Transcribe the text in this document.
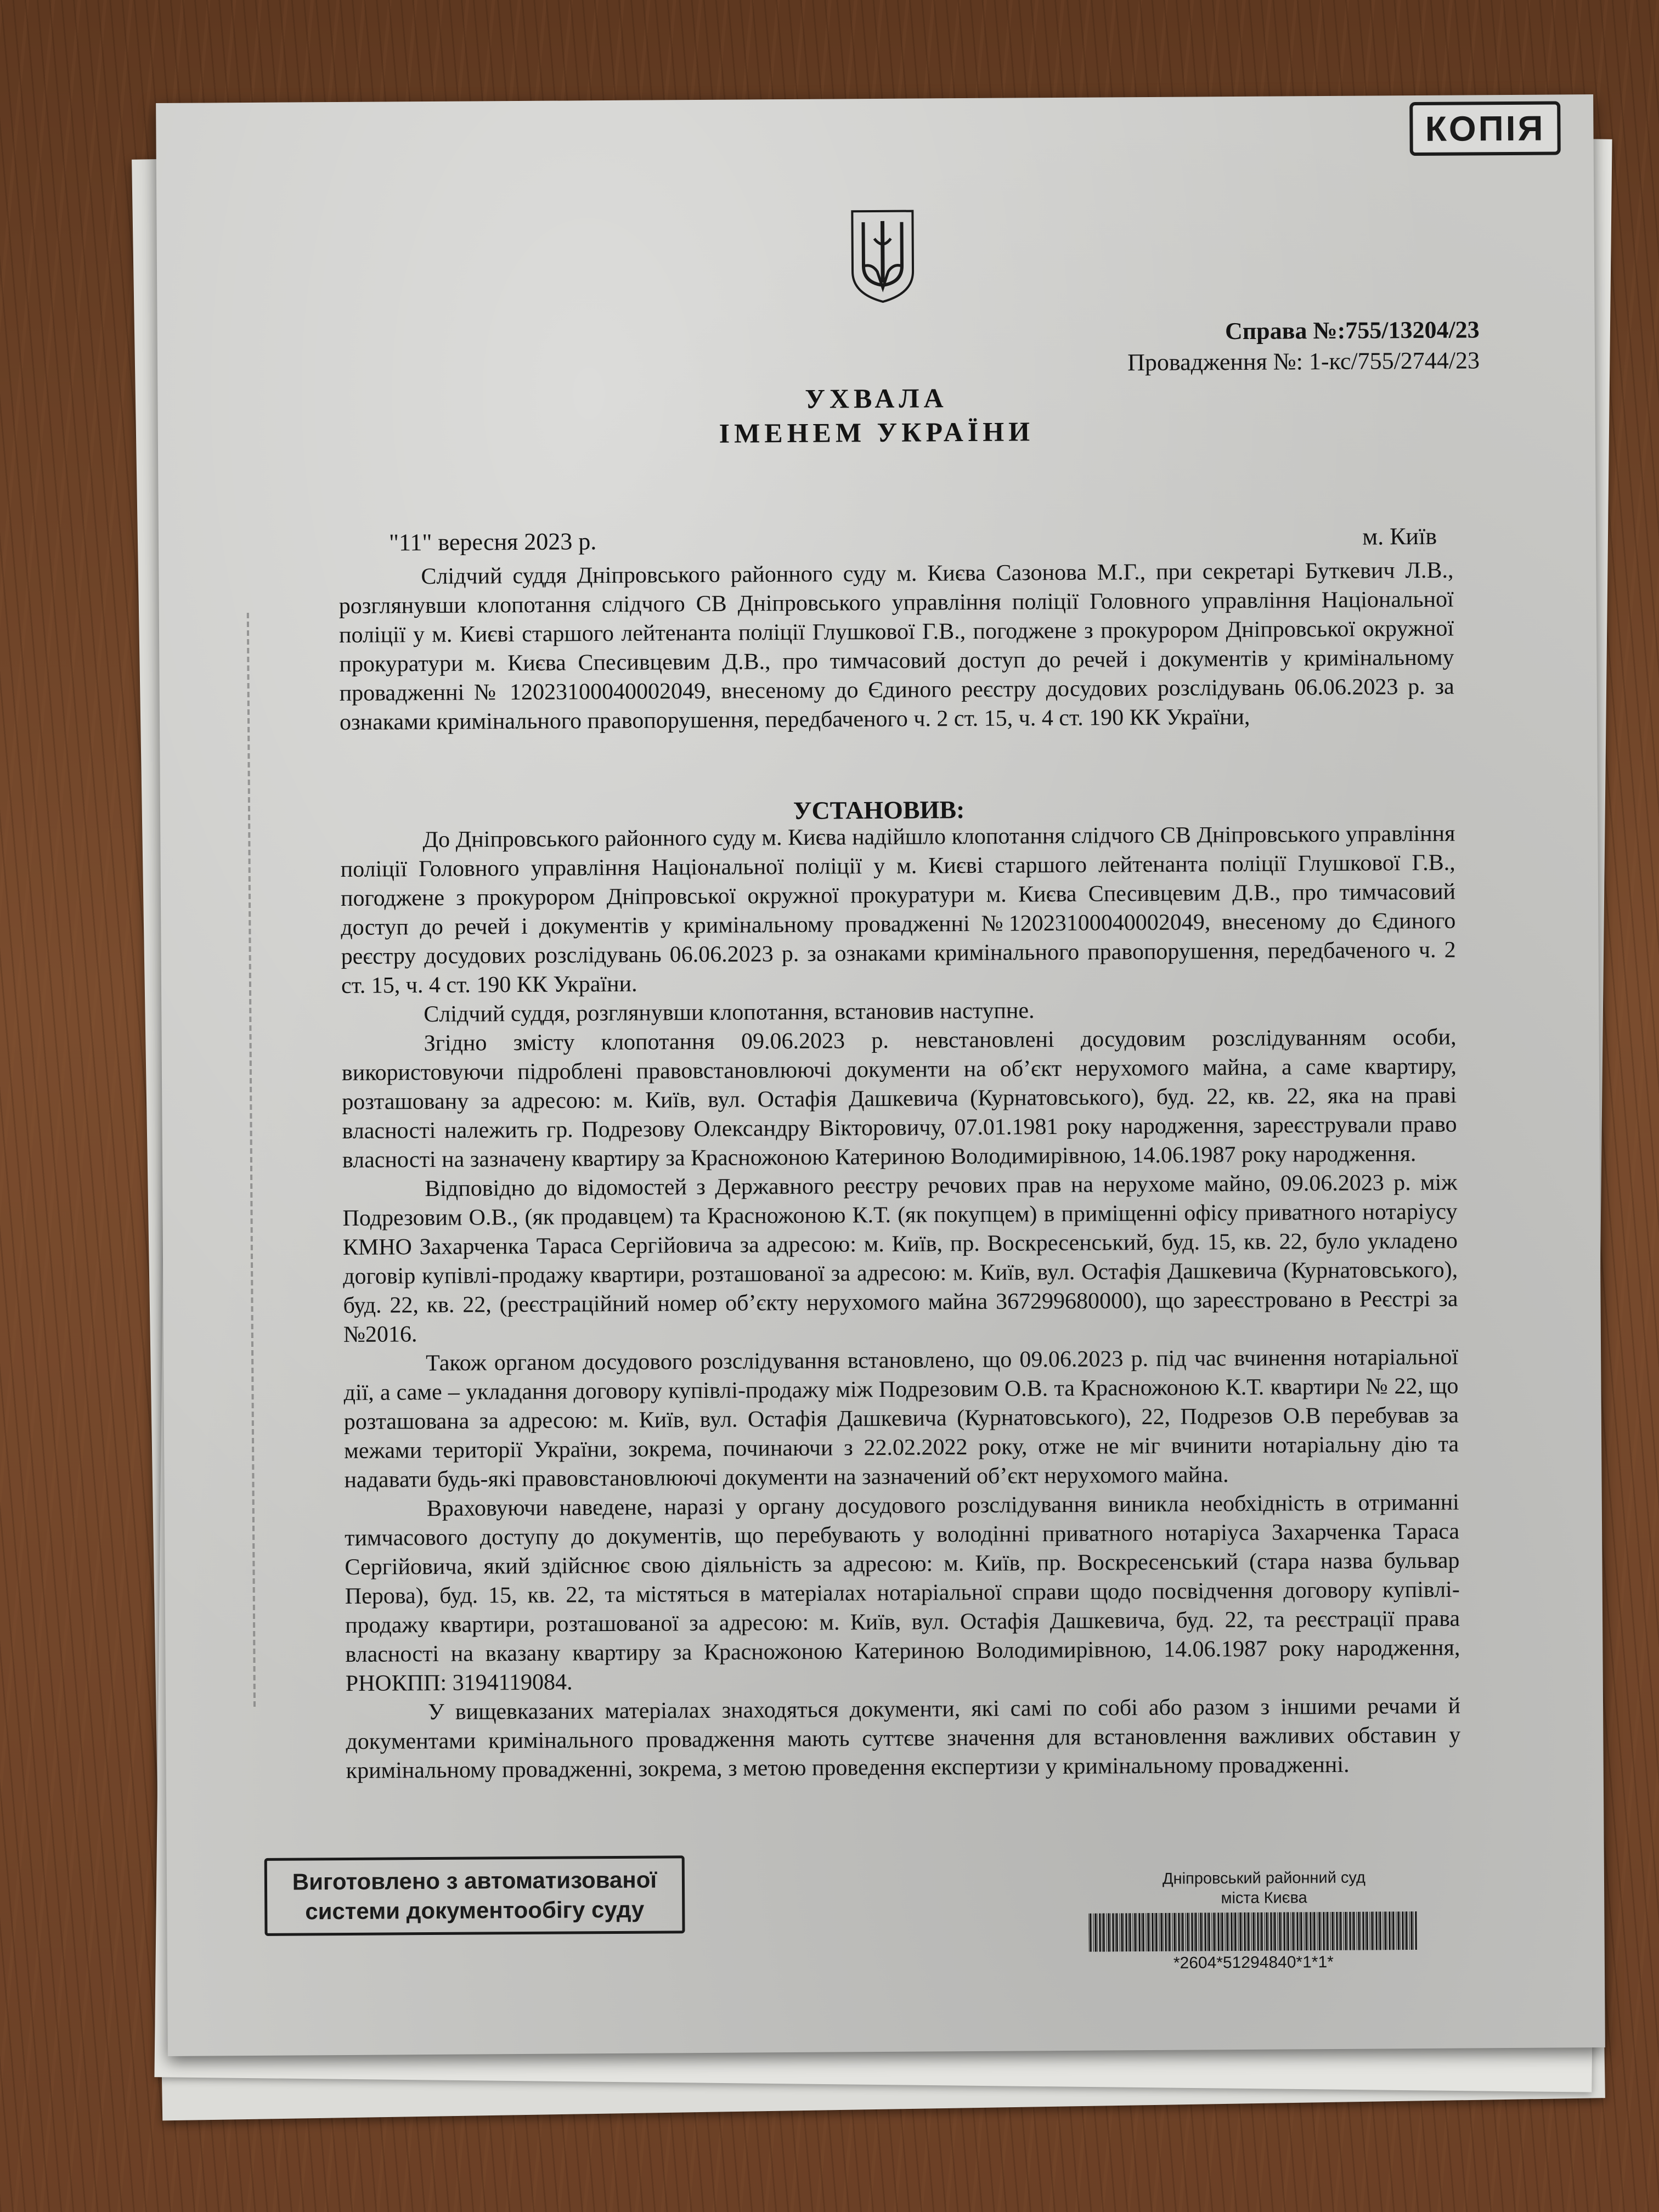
КОПІЯ
Справа №:755/13204/23
Провадження №: 1-кс/755/2744/23
УХВАЛА
ІМЕНЕМ УКРАЇНИ
"11" вересня 2023 р.	м. Київ

Слідчий суддя Дніпровського районного суду м. Києва Сазонова М.Г., при секретарі Буткевич Л.В., розглянувши клопотання слідчого СВ Дніпровського управління поліції Головного управління Національної поліції у м. Києві старшого лейтенанта поліції Глушкової Г.В., погоджене з прокурором Дніпровської окружної прокуратури м. Києва Спесивцевим Д.В., про тимчасовий доступ до речей і документів у кримінальному провадженні № 12023100040002049, внесеному до Єдиного реєстру досудових розслідувань 06.06.2023 р. за ознаками кримінального правопорушення, передбаченого ч. 2 ст. 15, ч. 4 ст. 190 КК України,

УСТАНОВИВ:

До Дніпровського районного суду м. Києва надійшло клопотання слідчого СВ Дніпровського управління поліції Головного управління Національної поліції у м. Києві старшого лейтенанта поліції Глушкової Г.В., погоджене з прокурором Дніпровської окружної прокуратури м. Києва Спесивцевим Д.В., про тимчасовий доступ до речей і документів у кримінальному провадженні №12023100040002049, внесеному до Єдиного реєстру досудових розслідувань 06.06.2023 р. за ознаками кримінального правопорушення, передбаченого ч. 2 ст. 15, ч. 4 ст. 190 КК України.

Слідчий суддя, розглянувши клопотання, встановив наступне.

Згідно змісту клопотання 09.06.2023 р. невстановлені досудовим розслідуванням особи, використовуючи підроблені правовстановлюючі документи на об’єкт нерухомого майна, а саме квартиру, розташовану за адресою: м. Київ, вул. Остафія Дашкевича (Курнатовського), буд. 22, кв. 22, яка на праві власності належить гр. Подрезову Олександру Вікторовичу, 07.01.1981 року народження, зареєстрували право власності на зазначену квартиру за Красножоною Катериною Володимирівною, 14.06.1987 року народження.

Відповідно до відомостей з Державного реєстру речових прав на нерухоме майно, 09.06.2023 р. між Подрезовим О.В., (як продавцем) та Красножоною К.Т. (як покупцем) в приміщенні офісу приватного нотаріусу КМНО Захарченка Тараса Сергійовича за адресою: м. Київ, пр. Воскресенський, буд. 15, кв. 22, було укладено договір купівлі-продажу квартири, розташованої за адресою: м. Київ, вул. Остафія Дашкевича (Курнатовського), буд. 22, кв. 22, (реєстраційний номер об’єкту нерухомого майна 367299680000), що зареєстровано в Реєстрі за №2016.

Також органом досудового розслідування встановлено, що 09.06.2023 р. під час вчинення нотаріальної дії, а саме – укладання договору купівлі-продажу між Подрезовим О.В. та Красножоною К.Т. квартири № 22, що розташована за адресою: м. Київ, вул. Остафія Дашкевича (Курнатовського), 22, Подрезов О.В перебував за межами території України, зокрема, починаючи з 22.02.2022 року, отже не міг вчинити нотаріальну дію та надавати будь-які правовстановлюючі документи на зазначений об’єкт нерухомого майна.

Враховуючи наведене, наразі у органу досудового розслідування виникла необхідність в отриманні тимчасового доступу до документів, що перебувають у володінні приватного нотаріуса Захарченка Тараса Сергійовича, який здійснює свою діяльність за адресою: м. Київ, пр. Воскресенський (стара назва бульвар Перова), буд. 15, кв. 22, та містяться в матеріалах нотаріальної справи щодо посвідчення договору купівлі-продажу квартири, розташованої за адресою: м. Київ, вул. Остафія Дашкевича, буд. 22, та реєстрації права власності на вказану квартиру за Красножоною Катериною Володимирівною, 14.06.1987 року народження, РНОКПП: 3194119084.

У вищевказаних матеріалах знаходяться документи, які самі по собі або разом з іншими речами й документами кримінального провадження мають суттєве значення для встановлення важливих обставин у кримінальному провадженні, зокрема, з метою проведення експертизи у кримінальному провадженні.

Виготовлено з автоматизованої
системи документообігу суду
Дніпровський районний суд
міста Києва
*2604*51294840*1*1*
